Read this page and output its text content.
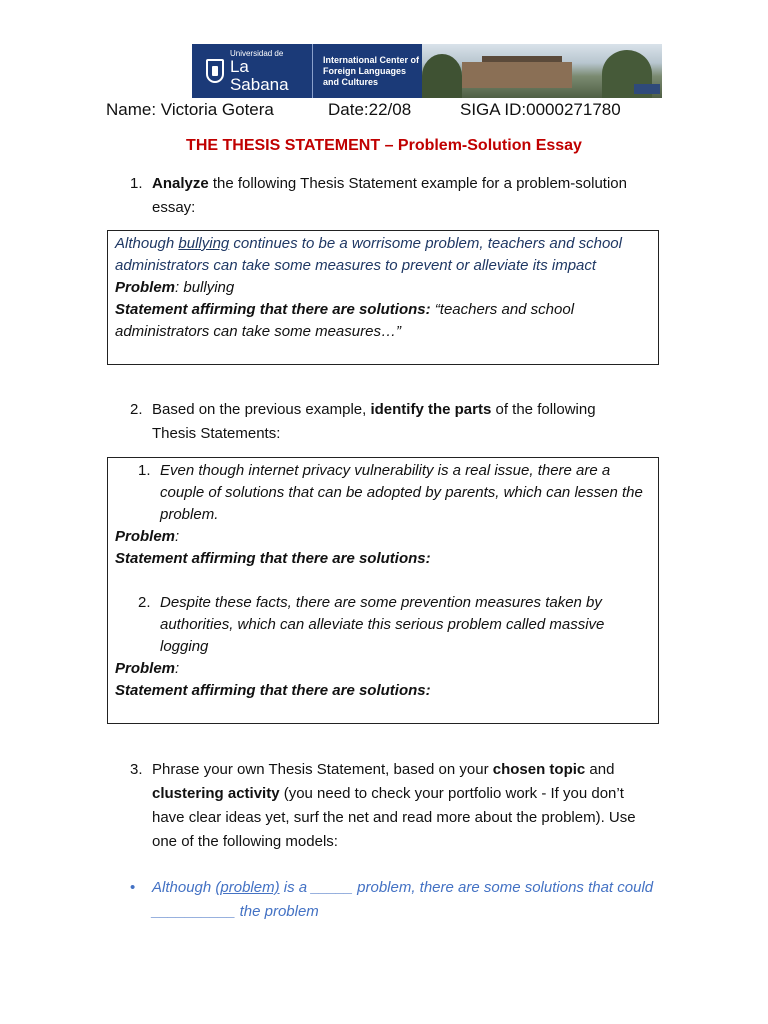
Universidad de
La Sabana
International Center of
Foreign Languages
and Cultures
Name: Victoria Gotera	Date:22/08	SIGA ID:0000271780
THE THESIS STATEMENT – Problem-Solution Essay
1. Analyze the following Thesis Statement example for a problem-solution essay:
Although bullying continues to be a worrisome problem, teachers and school administrators can take some measures to prevent or alleviate its impact
Problem: bullying
Statement affirming that there are solutions: “teachers and school administrators can take some measures…”
2. Based on the previous example, identify the parts of the following Thesis Statements:
1. Even though internet privacy vulnerability is a real issue, there are a couple of solutions that can be adopted by parents, which can lessen the problem.
Problem:
Statement affirming that there are solutions:
2. Despite these facts, there are some prevention measures taken by authorities, which can alleviate this serious problem called massive logging
Problem:
Statement affirming that there are solutions:
3. Phrase your own Thesis Statement, based on your chosen topic and clustering activity (you need to check your portfolio work - If you don’t have clear ideas yet, surf the net and read more about the problem). Use one of the following models:
• Although (problem) is a _____ problem, there are some solutions that could __________ the problem
